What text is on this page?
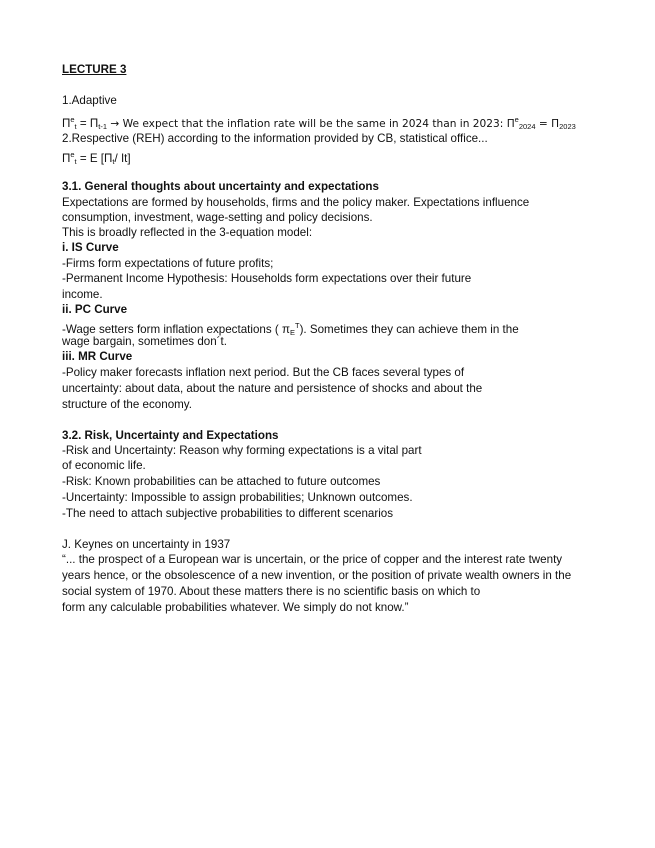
LECTURE 3
1.Adaptive
$\Pi^e_t = \Pi_{t-1} \to We$ expect that the inflation rate will be the same in 2024 than in 2023: $\Pi^e_{2024} = \Pi_{2023}$
2.Respective (REH) according to the information provided by CB, statistical office...
$\Pi^e_t = E$ [$\Pi_t/$ It]
3.1. General thoughts about uncertainty and expectations
Expectations are formed by households, firms and the policy maker. Expectations influence
consumption, investment, wage-setting and policy decisions.
This is broadly reflected in the 3-equation model:
i. IS Curve
-Firms form expectations of future profits;
-Permanent Income Hypothesis: Households form expectations over their future
income.
ii. PC Curve
-Wage setters form inflation expectations ( $\pi_E^T$). Sometimes they can achieve them in the
wage bargain, sometimes don´t.
iii. MR Curve
-Policy maker forecasts inflation next period. But the CB faces several types of
uncertainty: about data, about the nature and persistence of shocks and about the
structure of the economy.
3.2. Risk, Uncertainty and Expectations
-Risk and Uncertainty: Reason why forming expectations is a vital part
of economic life.
-Risk: Known probabilities can be attached to future outcomes
-Uncertainty: Impossible to assign probabilities; Unknown outcomes.
-The need to attach subjective probabilities to different scenarios
J. Keynes on uncertainty in 1937
“... the prospect of a European war is uncertain, or the price of copper and the interest rate twenty
years hence, or the obsolescence of a new invention, or the position of private wealth owners in the
social system of 1970. About these matters there is no scientific basis on which to
form any calculable probabilities whatever. We simply do not know.”
